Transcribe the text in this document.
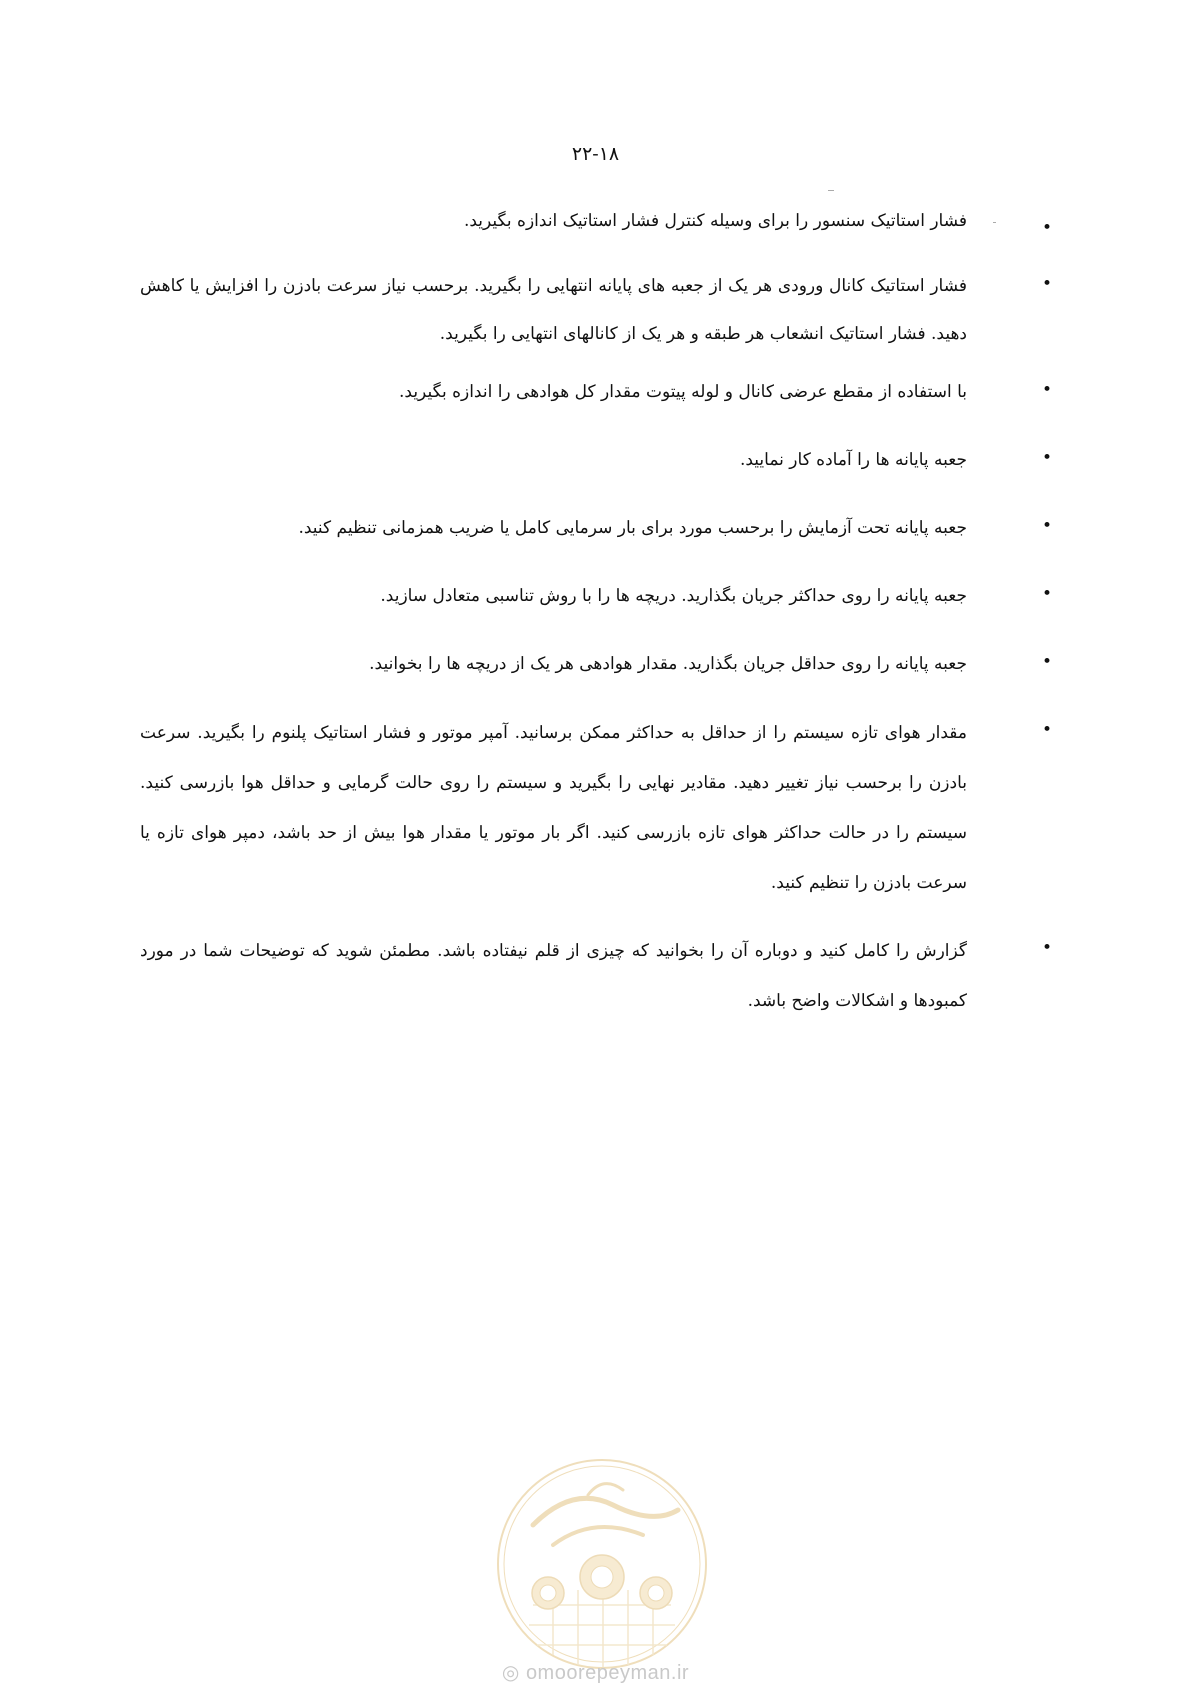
۲۲-۱۸
•
فشار استاتیک سنسور را برای وسیله کنترل فشار استاتیک اندازه بگیرید.
•
فشار استاتیک کانال ورودی هر یک از جعبه های پایانه انتهایی را بگیرید. برحسب نیاز سرعت بادزن را افزایش یا کاهش دهید. فشار استاتیک انشعاب هر طبقه و هر یک از کانالهای انتهایی را بگیرید.
•
با استفاده از مقطع عرضی کانال و لوله پیتوت مقدار کل هوادهی را اندازه بگیرید.
•
جعبه پایانه ها را آماده کار نمایید.
•
جعبه پایانه تحت آزمایش را برحسب مورد برای بار سرمایی کامل یا ضریب همزمانی تنظیم کنید.
•
جعبه پایانه را روی حداکثر جریان بگذارید. دریچه ها را با روش تناسبی متعادل سازید.
•
جعبه پایانه را روی حداقل جریان بگذارید. مقدار هوادهی هر یک از دریچه ها را بخوانید.
•
مقدار هوای تازه سیستم را از حداقل به حداکثر ممکن برسانید. آمپر موتور و فشار استاتیک پلنوم را بگیرید. سرعت بادزن را برحسب نیاز تغییر دهید. مقادیر نهایی را بگیرید و سیستم را روی حالت گرمایی و حداقل هوا بازرسی کنید. سیستم را در حالت حداکثر هوای تازه بازرسی کنید. اگر بار موتور یا مقدار هوا بیش از حد باشد، دمپر هوای تازه یا سرعت بادزن را تنظیم کنید.
•
گزارش را کامل کنید و دوباره آن را بخوانید که چیزی از قلم نیفتاده باشد. مطمئن شوید که توضیحات شما در مورد کمبودها و اشکالات واضح باشد.
◎ omoorepeyman.ir
